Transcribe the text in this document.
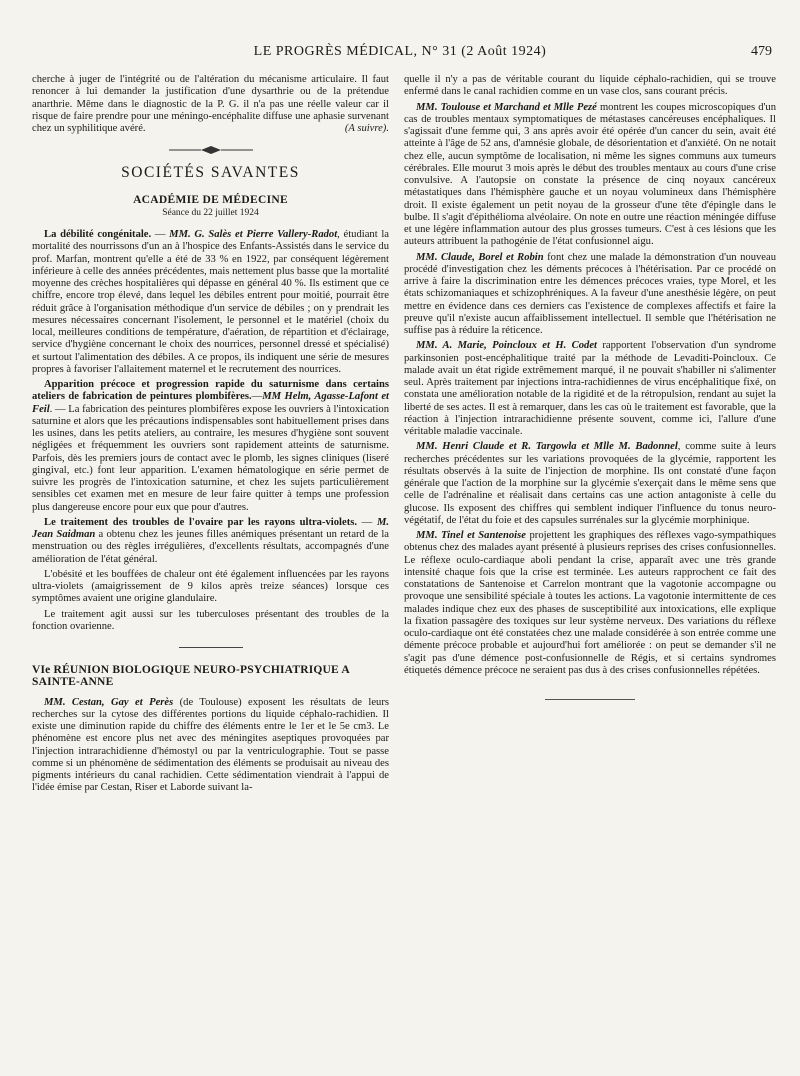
LE PROGRÈS MÉDICAL, N° 31 (2 Août 1924)	479

cherche à juger de l'intégrité ou de l'altération du mécanisme articulaire. Il faut renoncer à lui demander la justification d'une dysarthrie ou de la prétendue anarthrie. Même dans le diagnostic de la P. G. il n'a pas une réelle valeur car il risque de faire prendre pour une méningo-encéphalite diffuse une aphasie survenant chez un syphilitique avéré.	(A suivre).

SOCIÉTÉS SAVANTES
ACADÉMIE DE MÉDECINE
Séance du 22 juillet 1924

La débilité congénitale. — MM. G. Salès et Pierre Vallery-Radot, étudiant la mortalité des nourrissons d'un an à l'hospice des Enfants-Assistés dans le service du prof. Marfan, montrent qu'elle a été de 33 % en 1922, par conséquent légèrement inférieure à celle des années précédentes, mais nettement plus basse que la mortalité moyenne des crèches hospitalières qui dépasse en général 40 %. Ils estiment que ce chiffre, encore trop élevé, dans lequel les débiles entrent pour moitié, pourrait être réduit grâce à l'organisation méthodique d'un service de débiles ; on y prendrait les mesures nécessaires concernant l'isolement, le personnel et le matériel (choix du local, meilleures conditions de température, d'aération, de répartition et d'éclairage, service d'hygiène concernant le choix des nourrices, personnel dressé et spécialisé) et surtout l'alimentation des débiles. A ce propos, ils indiquent une série de mesures propres à favoriser l'allaitement maternel et le recrutement des nourrices.

Apparition précoce et progression rapide du saturnisme dans certains ateliers de fabrication de peintures plombifères.—MM Helm, Agasse-Lafont et Feil. — La fabrication des peintures plombifères expose les ouvriers à l'intoxication saturnine et alors que les précautions indispensables sont habituellement prises dans les usines, dans les petits ateliers, au contraire, les mesures d'hygiène sont souvent négligées et fréquemment les ouvriers sont rapidement atteints de saturnisme. Parfois, dès les premiers jours de contact avec le plomb, les signes cliniques (liseré gingival, etc.) font leur apparition. L'examen hématologique en série permet de suivre les progrès de l'intoxication saturnine, et chez les sujets particulièrement sensibles cet examen met en mesure de leur faire quitter à temps une profession plus dangereuse encore pour eux que pour d'autres.

Le traitement des troubles de l'ovaire par les rayons ultra-violets. — M. Jean Saidman a obtenu chez les jeunes filles anémiques présentant un retard de la menstruation ou des règles irrégulières, d'excellents résultats, accompagnés d'une amélioration de l'état général.

L'obésité et les bouffées de chaleur ont été également influencées par les rayons ultra-violets (amaigrissement de 9 kilos après treize séances) lorsque ces symptômes avaient une origine glandulaire.

Le traitement agit aussi sur les tuberculoses présentant des troubles de la fonction ovarienne.

VIe RÉUNION BIOLOGIQUE NEURO-PSYCHIATRIQUE A SAINTE-ANNE

MM. Cestan, Gay et Perès (de Toulouse) exposent les résultats de leurs recherches sur la cytose des différentes portions du liquide céphalo-rachidien. Il existe une diminution rapide du chiffre des éléments entre le 1er et le 5e cm3. Le phénomène est encore plus net avec des méningites aseptiques provoquées par l'injection intrarachidienne d'hémostyl ou par la ventriculographie. Tout se passe comme si un phénomène de sédimentation des éléments se produisait au niveau des pigments intérieurs du canal rachidien. Cette sédimentation viendrait à l'appui de l'idée émise par Cestan, Riser et Laborde suivant la-

quelle il n'y a pas de véritable courant du liquide céphalo-rachidien, qui se trouve enfermé dans le canal rachidien comme en un vase clos, sans courant précis.

MM. Toulouse et Marchand et Mlle Pezé montrent les coupes microscopiques d'un cas de troubles mentaux symptomatiques de métastases cancéreuses encéphaliques. Il s'agissait d'une femme qui, 3 ans après avoir été opérée d'un cancer du sein, avait été atteinte à l'âge de 52 ans, d'amnésie globale, de désorientation et d'anxiété. On ne notait chez elle, aucun symptôme de localisation, ni même les signes communs aux tumeurs cérébrales. Elle mourut 3 mois après le début des troubles mentaux au cours d'une crise convulsive. A l'autopsie on constate la présence de cinq noyaux cancéreux métastatiques dans l'hémisphère gauche et un noyau volumineux dans l'hémisphère droit. Il existe également un petit noyau de la grosseur d'une tête d'épingle dans le bulbe. Il s'agit d'épithélioma alvéolaire. On note en outre une réaction méningée diffuse et une légère inflammation autour des plus grosses tumeurs. C'est à ces lésions que les auteurs attribuent la pathogénie de l'état confusionnel aigu.

MM. Claude, Borel et Robin font chez une malade la démonstration d'un nouveau procédé d'investigation chez les déments précoces à l'hétérisation. Par ce procédé on arrive à faire la discrimination entre les démences précoces vraies, type Morel, et les états schizomaniaques et schizophréniques. A la faveur d'une anesthésie légère, on peut mettre en évidence dans ces derniers cas l'existence de complexes affectifs et faire la preuve qu'il n'existe aucun affaiblissement intellectuel. Il semble que l'hétérisation ne suffise pas à réduire la réticence.

MM. A. Marie, Poincloux et H. Codet rapportent l'observation d'un syndrome parkinsonien post-encéphalitique traité par la méthode de Levaditi-Poincloux. Ce malade avait un état rigide extrêmement marqué, il ne pouvait s'habiller ni s'alimenter seul. Après traitement par injections intra-rachidiennes de virus encéphalitique fixé, on constata une amélioration notable de la rigidité et de la rétropulsion, rendant au sujet la liberté de ses actes. Il est à remarquer, dans les cas où le traitement est favorable, que la réaction à l'injection intrarachidienne présente souvent, comme ici, l'allure d'une véritable maladie vaccinale.

MM. Henri Claude et R. Targowla et Mlle M. Badonnel, comme suite à leurs recherches précédentes sur les variations provoquées de la glycémie, rapportent les résultats observés à la suite de l'injection de morphine. Ils ont constaté d'une façon générale que l'action de la morphine sur la glycémie s'exerçait dans le même sens que celle de l'adrénaline et réalisait dans certains cas une action antagoniste à celle du glucose. Ils exposent des chiffres qui semblent indiquer l'influence du tonus neuro-végétatif, de l'état du foie et des capsules surrénales sur la glycémie morphinique.

MM. Tinel et Santenoise projettent les graphiques des réflexes vago-sympathiques obtenus chez des malades ayant présenté à plusieurs reprises des crises confusionnelles. Le réflexe oculo-cardiaque aboli pendant la crise, apparaît avec une très grande intensité chaque fois que la crise est terminée. Les auteurs rapprochent ce fait des constatations de Santenoise et Carrelon montrant que la vagotonie accompagne ou provoque une sensibilité spéciale à toutes les actions. La vagotonie intermittente de ces malades indique chez eux des phases de susceptibilité aux intoxications, elle explique la fixation passagère des toxiques sur leur système nerveux. Des variations du réflexe oculo-cardiaque ont été constatées chez une malade considérée à son entrée comme une démente précoce probable et aujourd'hui fort améliorée : on peut se demander s'il ne s'agit pas d'une démence post-confusionnelle de Régis, et si certains syndromes étiquetés démence précoce ne seraient pas dus à des crises confusionnelles répétées.
